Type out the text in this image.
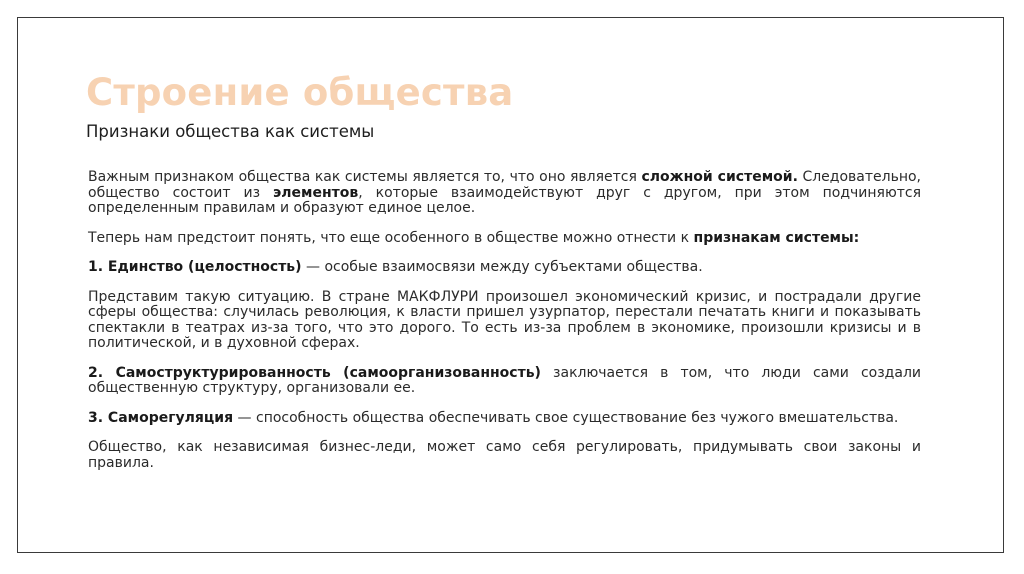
Строение общества
Признаки общества как системы

Важным признаком общества как системы является то, что оно является сложной системой. Следовательно, общество состоит из элементов, которые взаимодействуют друг с другом, при этом подчиняются определенным правилам и образуют единое целое.

Теперь нам предстоит понять, что еще особенного в обществе можно отнести к признакам системы:

1. Единство (целостность) — особые взаимосвязи между субъектами общества.

Представим такую ситуацию. В стране МАКФЛУРИ произошел экономический кризис, и пострадали другие сферы общества: случилась революция, к власти пришел узурпатор, перестали печатать книги и показывать спектакли в театрах из-за того, что это дорого. То есть из-за проблем в экономике, произошли кризисы и в политической, и в духовной сферах.

2. Самоструктурированность (самоорганизованность) заключается в том, что люди сами создали общественную структуру, организовали ее.

3. Саморегуляция — способность общества обеспечивать свое существование без чужого вмешательства.

Общество, как независимая бизнес-леди, может само себя регулировать, придумывать свои законы и правила.
